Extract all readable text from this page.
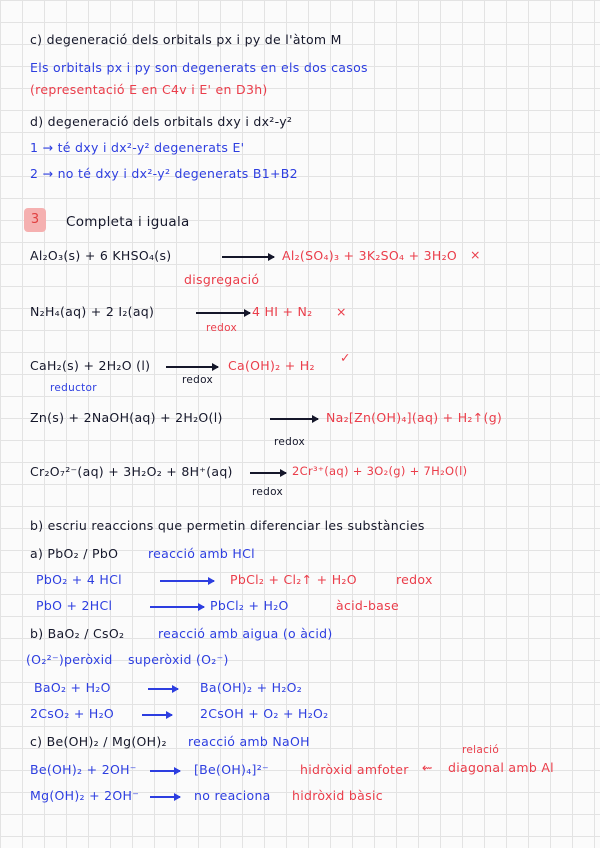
c) degeneració dels orbitals px i py de l'àtom M
Els orbitals px i py son degenerats en els dos casos
(representació E en C4v i E' en D3h)
d) degeneració dels orbitals dxy i dx²-y²
1 → té dxy i dx²-y² degenerats E'
2 → no té dxy i dx²-y² degenerats B1+B2
3	Completa i iguala
Al₂O₃(s) + 6 KHSO₄(s)	→ Al₂(SO₄)₃ + 3K₂SO₄ + 3H₂O ×
disgregació
N₂H₄(aq) + 2 I₂(aq)	→ 4 HI + N₂ ×
redox
CaH₂(s) + 2H₂O (l) → Ca(OH)₂ + H₂
✓
redox
reductor
Zn(s) + 2NaOH(aq) + 2H₂O(l)	→ Na₂[Zn(OH)₄](aq) + H₂↑(g)
redox
Cr₂O₇²⁻(aq) + 3H₂O₂ + 8H⁺(aq) → 2Cr³⁺(aq) + 3O₂(g) + 7H₂O(l)
redox
b) escriu reaccions que permetin diferenciar les substàncies
a) PbO₂ / PbO reacció amb HCl
PbO₂ + 4 HCl	PbCl₂ + Cl₂↑ + H₂O	redox
PbO + 2HCl	PbCl₂ + H₂O	àcid-base
b) BaO₂ / CsO₂	reacció amb aigua (o àcid)
(O₂²⁻)peròxid superòxid (O₂⁻)
BaO₂ + H₂O	Ba(OH)₂ + H₂O₂
2CsO₂ + H₂O	2CsOH + O₂ + H₂O₂
c) Be(OH)₂ / Mg(OH)₂ reacció amb NaOH
Be(OH)₂ + 2OH⁻	[Be(OH)₄]²⁻ hidròxid amfoter ⇜
relació
diagonal amb Al
Mg(OH)₂ + 2OH⁻	no reaciona hidròxid bàsic
